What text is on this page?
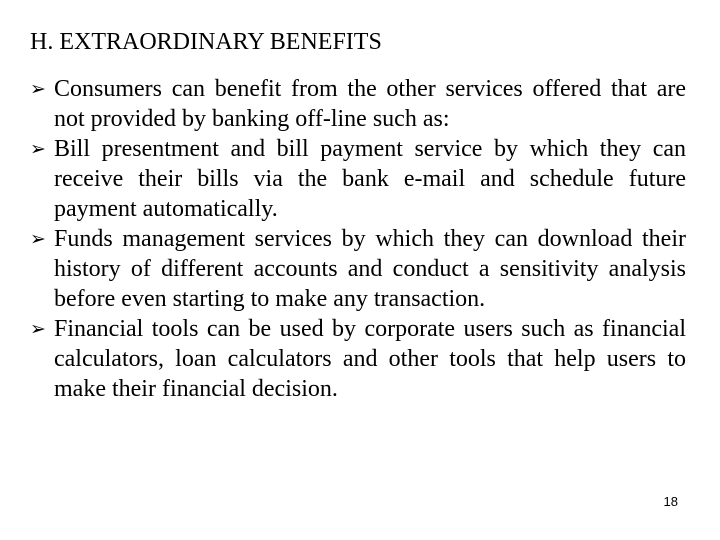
H. EXTRAORDINARY BENEFITS
➢ Consumers can benefit from the other services offered that are not provided by banking off-line such as:
➢ Bill presentment and bill payment service by which they can receive their bills via the bank e-mail and schedule future payment automatically.
➢ Funds management services by which they can download their history of different accounts and conduct a sensitivity analysis before even starting to make any transaction.
➢ Financial tools can be used by corporate users such as financial calculators, loan calculators and other tools that help users to make their financial decision.
18
